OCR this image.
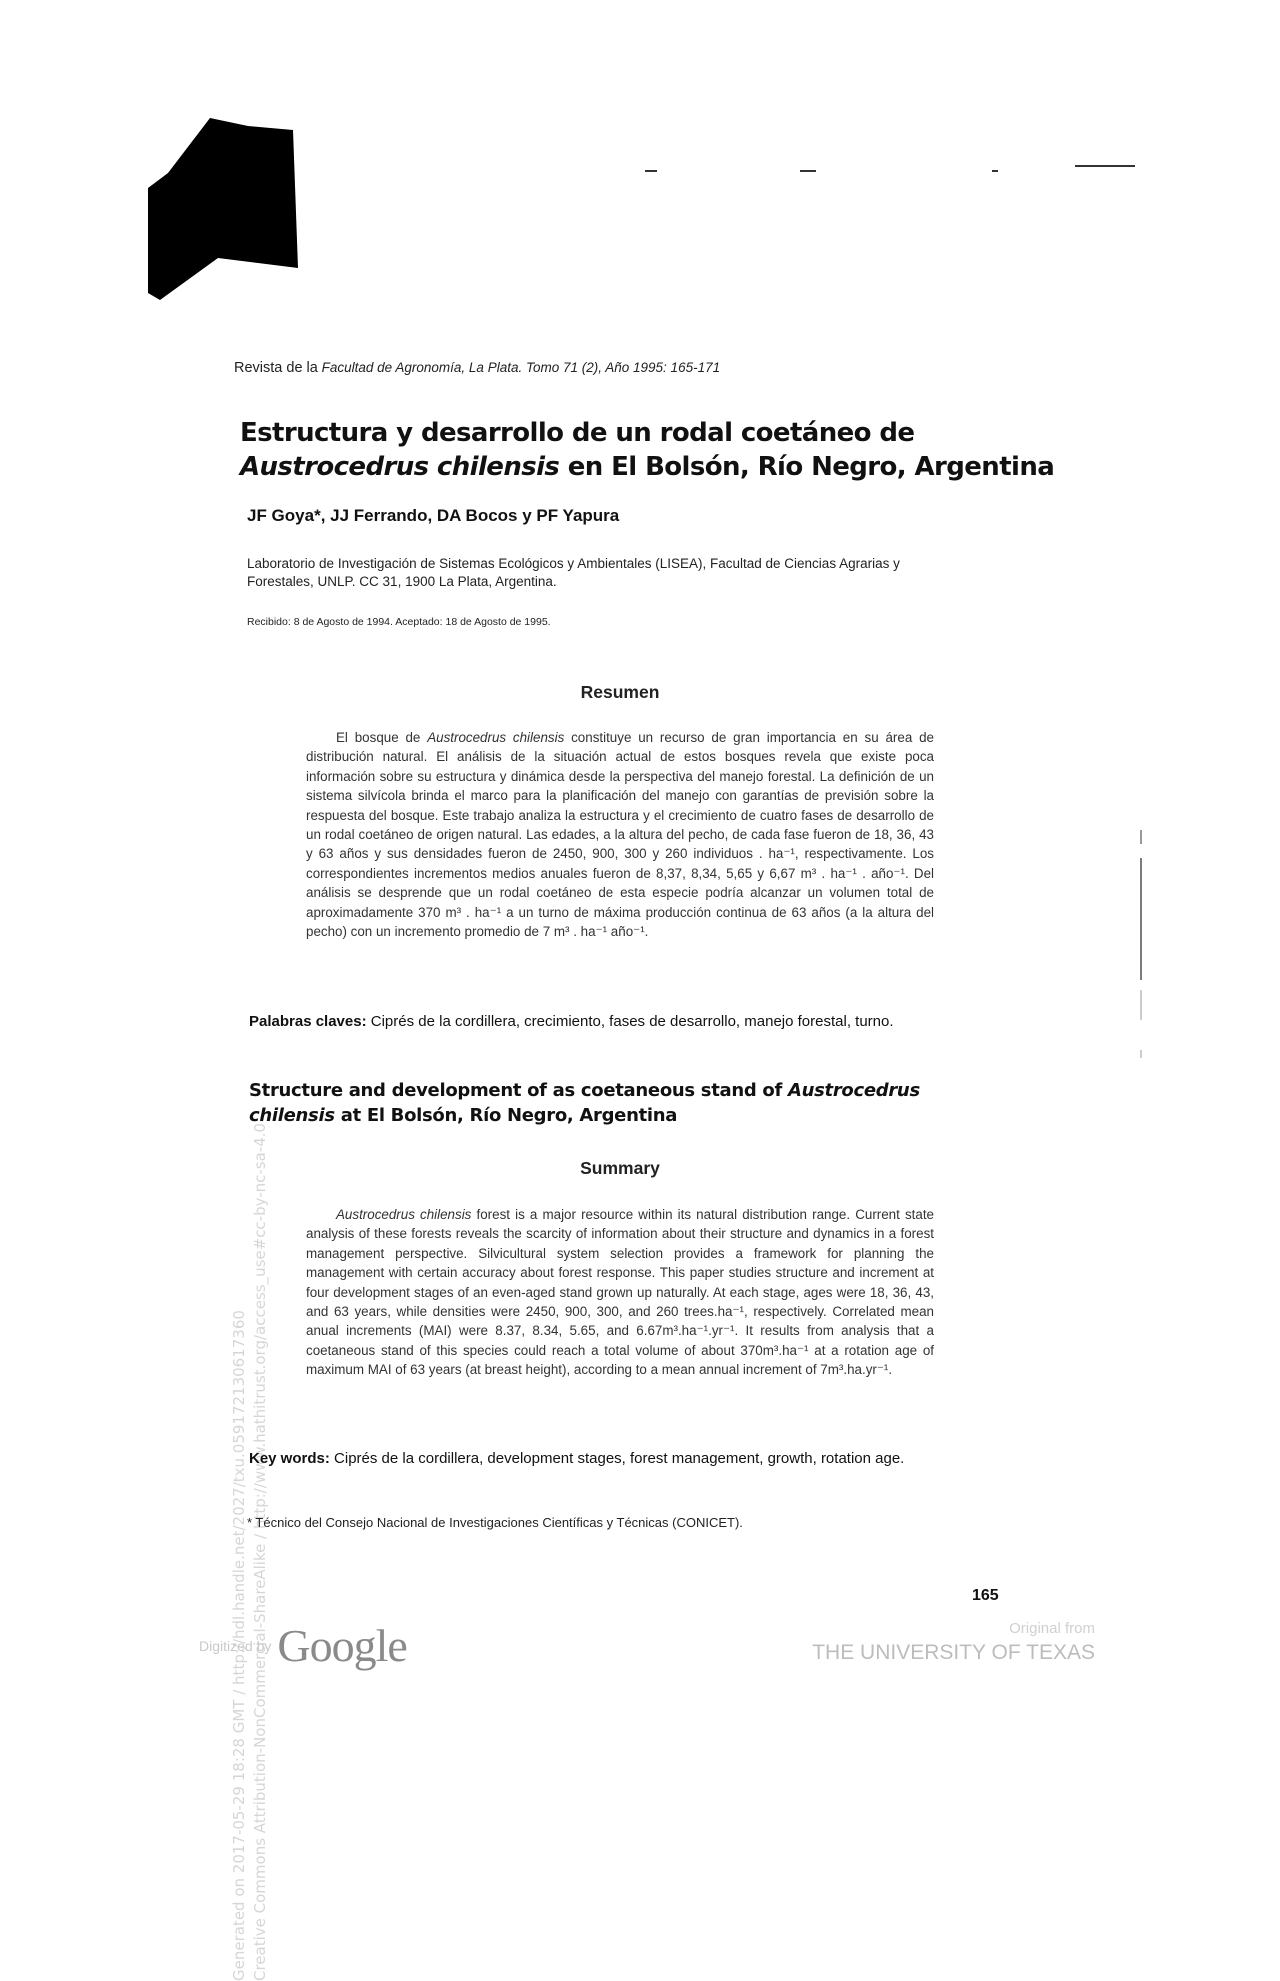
Generated on 2017-05-29 18:28 GMT / http://hdl.handle.net/2027/txu.059172130617360 Creative Commons Attribution-NonCommercial-ShareAlike / http://www.hathitrust.org/access_use#cc-by-nc-sa-4.0
Revista de la Facultad de Agronomía, La Plata. Tomo 71 (2), Año 1995: 165-171
Estructura y desarrollo de un rodal coetáneo de
Austrocedrus chilensis en El Bolsón, Río Negro, Argentina
JF Goya*, JJ Ferrando, DA Bocos y PF Yapura
Laboratorio de Investigación de Sistemas Ecológicos y Ambientales (LISEA), Facultad de Ciencias Agrarias y Forestales, UNLP. CC 31, 1900 La Plata, Argentina.
Recibido: 8 de Agosto de 1994. Aceptado: 18 de Agosto de 1995.
Resumen

El bosque de Austrocedrus chilensis constituye un recurso de gran importancia en su área de distribución natural. El análisis de la situación actual de estos bosques revela que existe poca información sobre su estructura y dinámica desde la perspectiva del manejo forestal. La definición de un sistema silvícola brinda el marco para la planificación del manejo con garantías de previsión sobre la respuesta del bosque. Este trabajo analiza la estructura y el crecimiento de cuatro fases de desarrollo de un rodal coetáneo de origen natural. Las edades, a la altura del pecho, de cada fase fueron de 18, 36, 43 y 63 años y sus densidades fueron de 2450, 900, 300 y 260 individuos . ha⁻¹, respectivamente. Los correspondientes incrementos medios anuales fueron de 8,37, 8,34, 5,65 y 6,67 m³ . ha⁻¹ . año⁻¹. Del análisis se desprende que un rodal coetáneo de esta especie podría alcanzar un volumen total de aproximadamente 370 m³ . ha⁻¹ a un turno de máxima producción continua de 63 años (a la altura del pecho) con un incremento promedio de 7 m³ . ha⁻¹ año⁻¹.

Palabras claves: Ciprés de la cordillera, crecimiento, fases de desarrollo, manejo forestal, turno.
Structure and development of as coetaneous stand of Austrocedrus
chilensis at El Bolsón, Río Negro, Argentina
Summary

Austrocedrus chilensis forest is a major resource within its natural distribution range. Current state analysis of these forests reveals the scarcity of information about their structure and dynamics in a forest management perspective. Silvicultural system selection provides a framework for planning the management with certain accuracy about forest response. This paper studies structure and increment at four development stages of an even-aged stand grown up naturally. At each stage, ages were 18, 36, 43, and 63 years, while densities were 2450, 900, 300, and 260 trees.ha⁻¹, respectively. Correlated mean anual increments (MAI) were 8.37, 8.34, 5.65, and 6.67m³.ha⁻¹.yr⁻¹. It results from analysis that a coetaneous stand of this species could reach a total volume of about 370m³.ha⁻¹ at a rotation age of maximum MAI of 63 years (at breast height), according to a mean annual increment of 7m³.ha.yr⁻¹.

Key words: Ciprés de la cordillera, development stages, forest management, growth, rotation age.
* Técnico del Consejo Nacional de Investigaciones Científicas y Técnicas (CONICET).
165
Digitized by Google	Original from
THE UNIVERSITY OF TEXAS
